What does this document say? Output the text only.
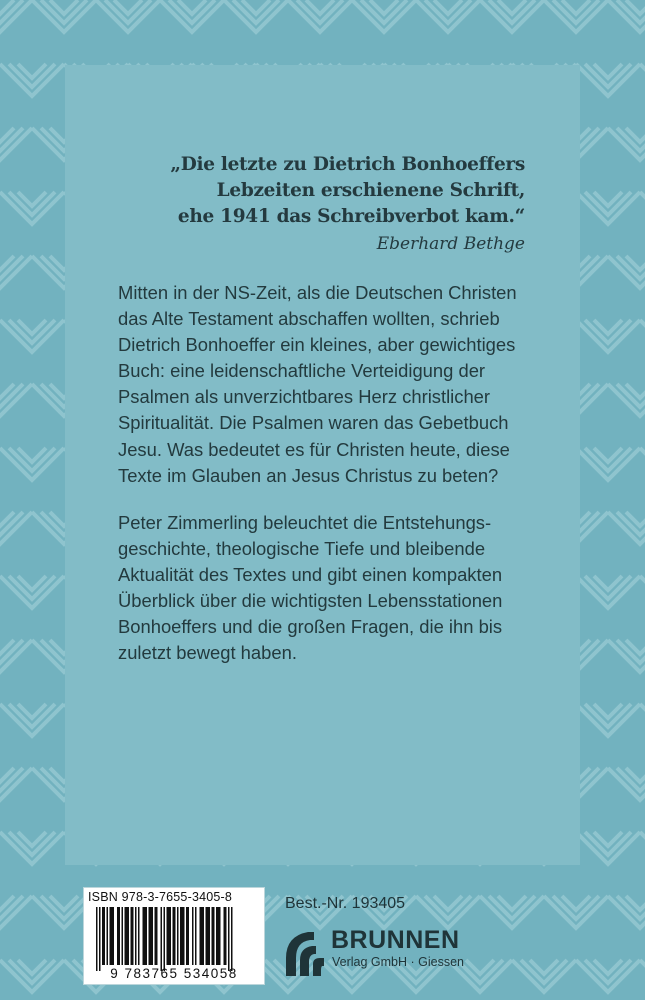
„Die letzte zu Dietrich Bonhoeffers
Lebzeiten erschienene Schrift,
ehe 1941 das Schreibverbot kam.“
Eberhard Bethge
Mitten in der NS-Zeit, als die Deutschen Christen
das Alte Testament abschaffen wollten, schrieb
Dietrich Bonhoeffer ein kleines, aber gewichtiges
Buch: eine leidenschaftliche Verteidigung der
Psalmen als unverzichtbares Herz christlicher
Spiritualität. Die Psalmen waren das Gebetbuch
Jesu. Was bedeutet es für Christen heute, diese
Texte im Glauben an Jesus Christus zu beten?
Peter Zimmerling beleuchtet die Entstehungs-
geschichte, theologische Tiefe und bleibende
Aktualität des Textes und gibt einen kompakten
Überblick über die wichtigsten Lebensstationen
Bonhoeffers und die großen Fragen, die ihn bis
zuletzt bewegt haben.
ISBN 978-3-7655-3405-8
9 783765 534058
Best.-Nr. 193405
BRUNNEN
Verlag GmbH · Giessen
